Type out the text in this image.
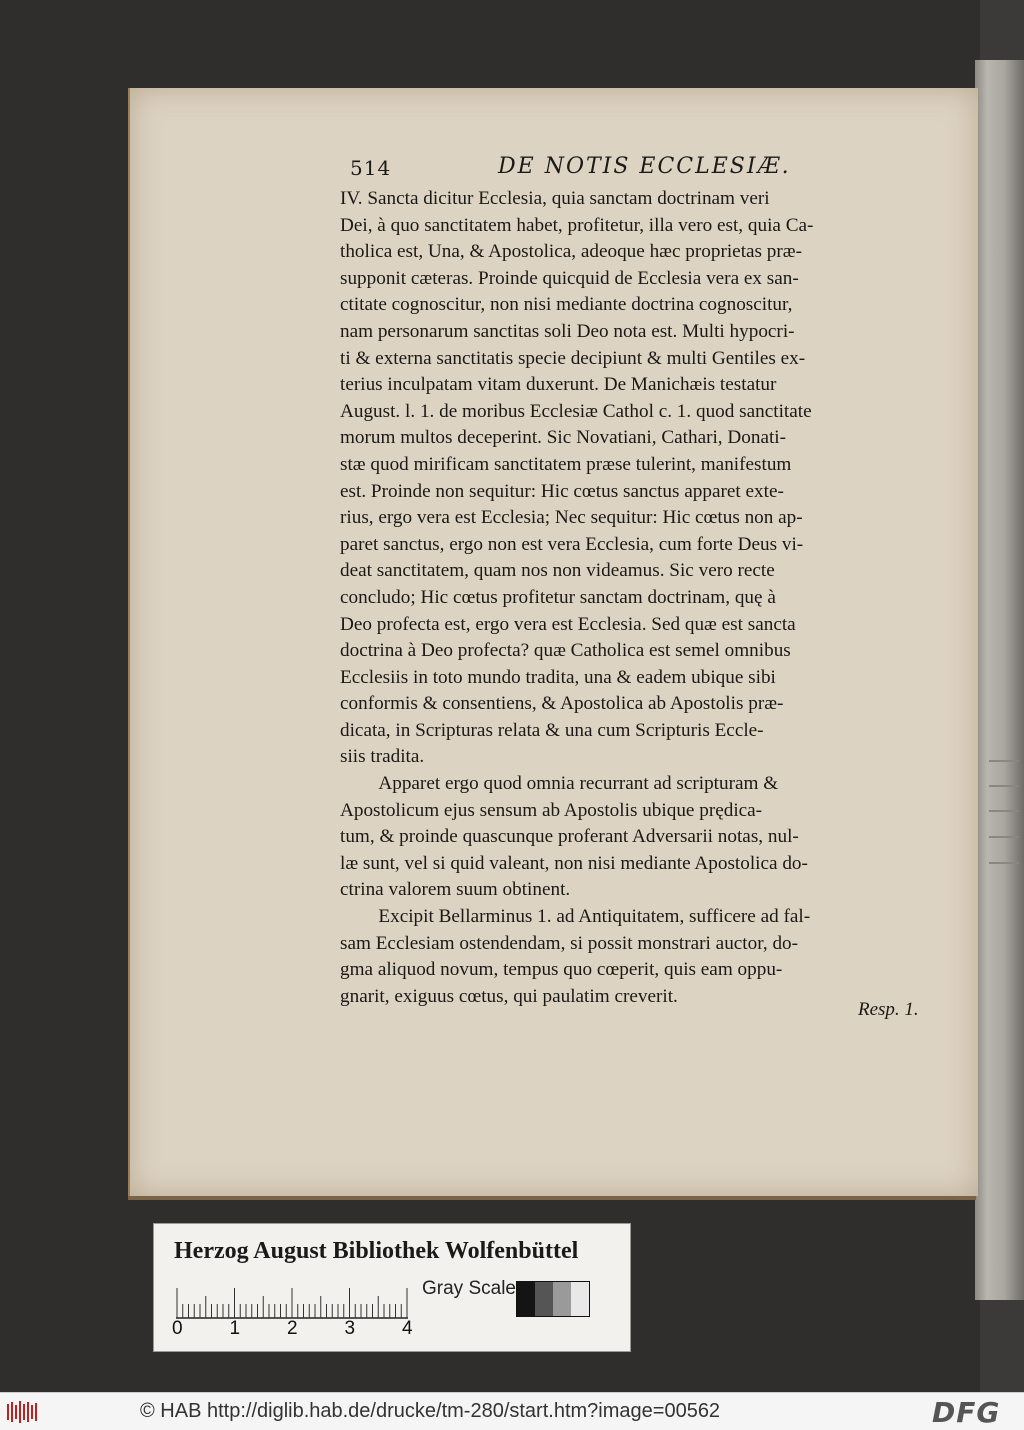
514	DE NOTIS ECCLESIÆ.
IV. Sancta dicitur Ecclesia, quia sanctam doctrinam veri
Dei, à quo sanctitatem habet, profitetur, illa vero est, quia Ca-
tholica est, Una, & Apostolica, adeoque hæc proprietas præ-
supponit cæteras. Proinde quicquid de Ecclesia vera ex san-
ctitate cognoscitur, non nisi mediante doctrina cognoscitur,
nam personarum sanctitas soli Deo nota est. Multi hypocri-
ti & externa sanctitatis specie decipiunt & multi Gentiles ex-
terius inculpatam vitam duxerunt. De Manichæis testatur
August. l. 1. de moribus Ecclesiæ Cathol c. 1. quod sanctitate
morum multos deceperint. Sic Novatiani, Cathari, Donati-
stæ quod mirificam sanctitatem præse tulerint, manifestum
est. Proinde non sequitur: Hic cœtus sanctus apparet exte-
rius, ergo vera est Ecclesia; Nec sequitur: Hic cœtus non ap-
paret sanctus, ergo non est vera Ecclesia, cum forte Deus vi-
deat sanctitatem, quam nos non videamus. Sic vero recte
concludo; Hic cœtus profitetur sanctam doctrinam, quę à
Deo profecta est, ergo vera est Ecclesia. Sed quæ est sancta
doctrina à Deo profecta? quæ Catholica est semel omnibus
Ecclesiis in toto mundo tradita, una & eadem ubique sibi
conformis & consentiens, & Apostolica ab Apostolis præ-
dicata, in Scripturas relata & una cum Scripturis Eccle-
siis tradita.
  Apparet ergo quod omnia recurrant ad scripturam &
Apostolicum ejus sensum ab Apostolis ubique prędica-
tum, & proinde quascunque proferant Adversarii notas, nul-
læ sunt, vel si quid valeant, non nisi mediante Apostolica do-
ctrina valorem suum obtinent.
  Excipit Bellarminus 1. ad Antiquitatem, sufficere ad fal-
sam Ecclesiam ostendendam, si possit monstrari auctor, do-
gma aliquod novum, tempus quo cœperit, quis eam oppu-
gnarit, exiguus cœtus, qui paulatim creverit.
Resp. 1.
Herzog August Bibliothek Wolfenbüttel
0 1 2 3 4
Gray Scale
© HAB http://diglib.hab.de/drucke/tm-280/start.htm?image=00562	DFG
